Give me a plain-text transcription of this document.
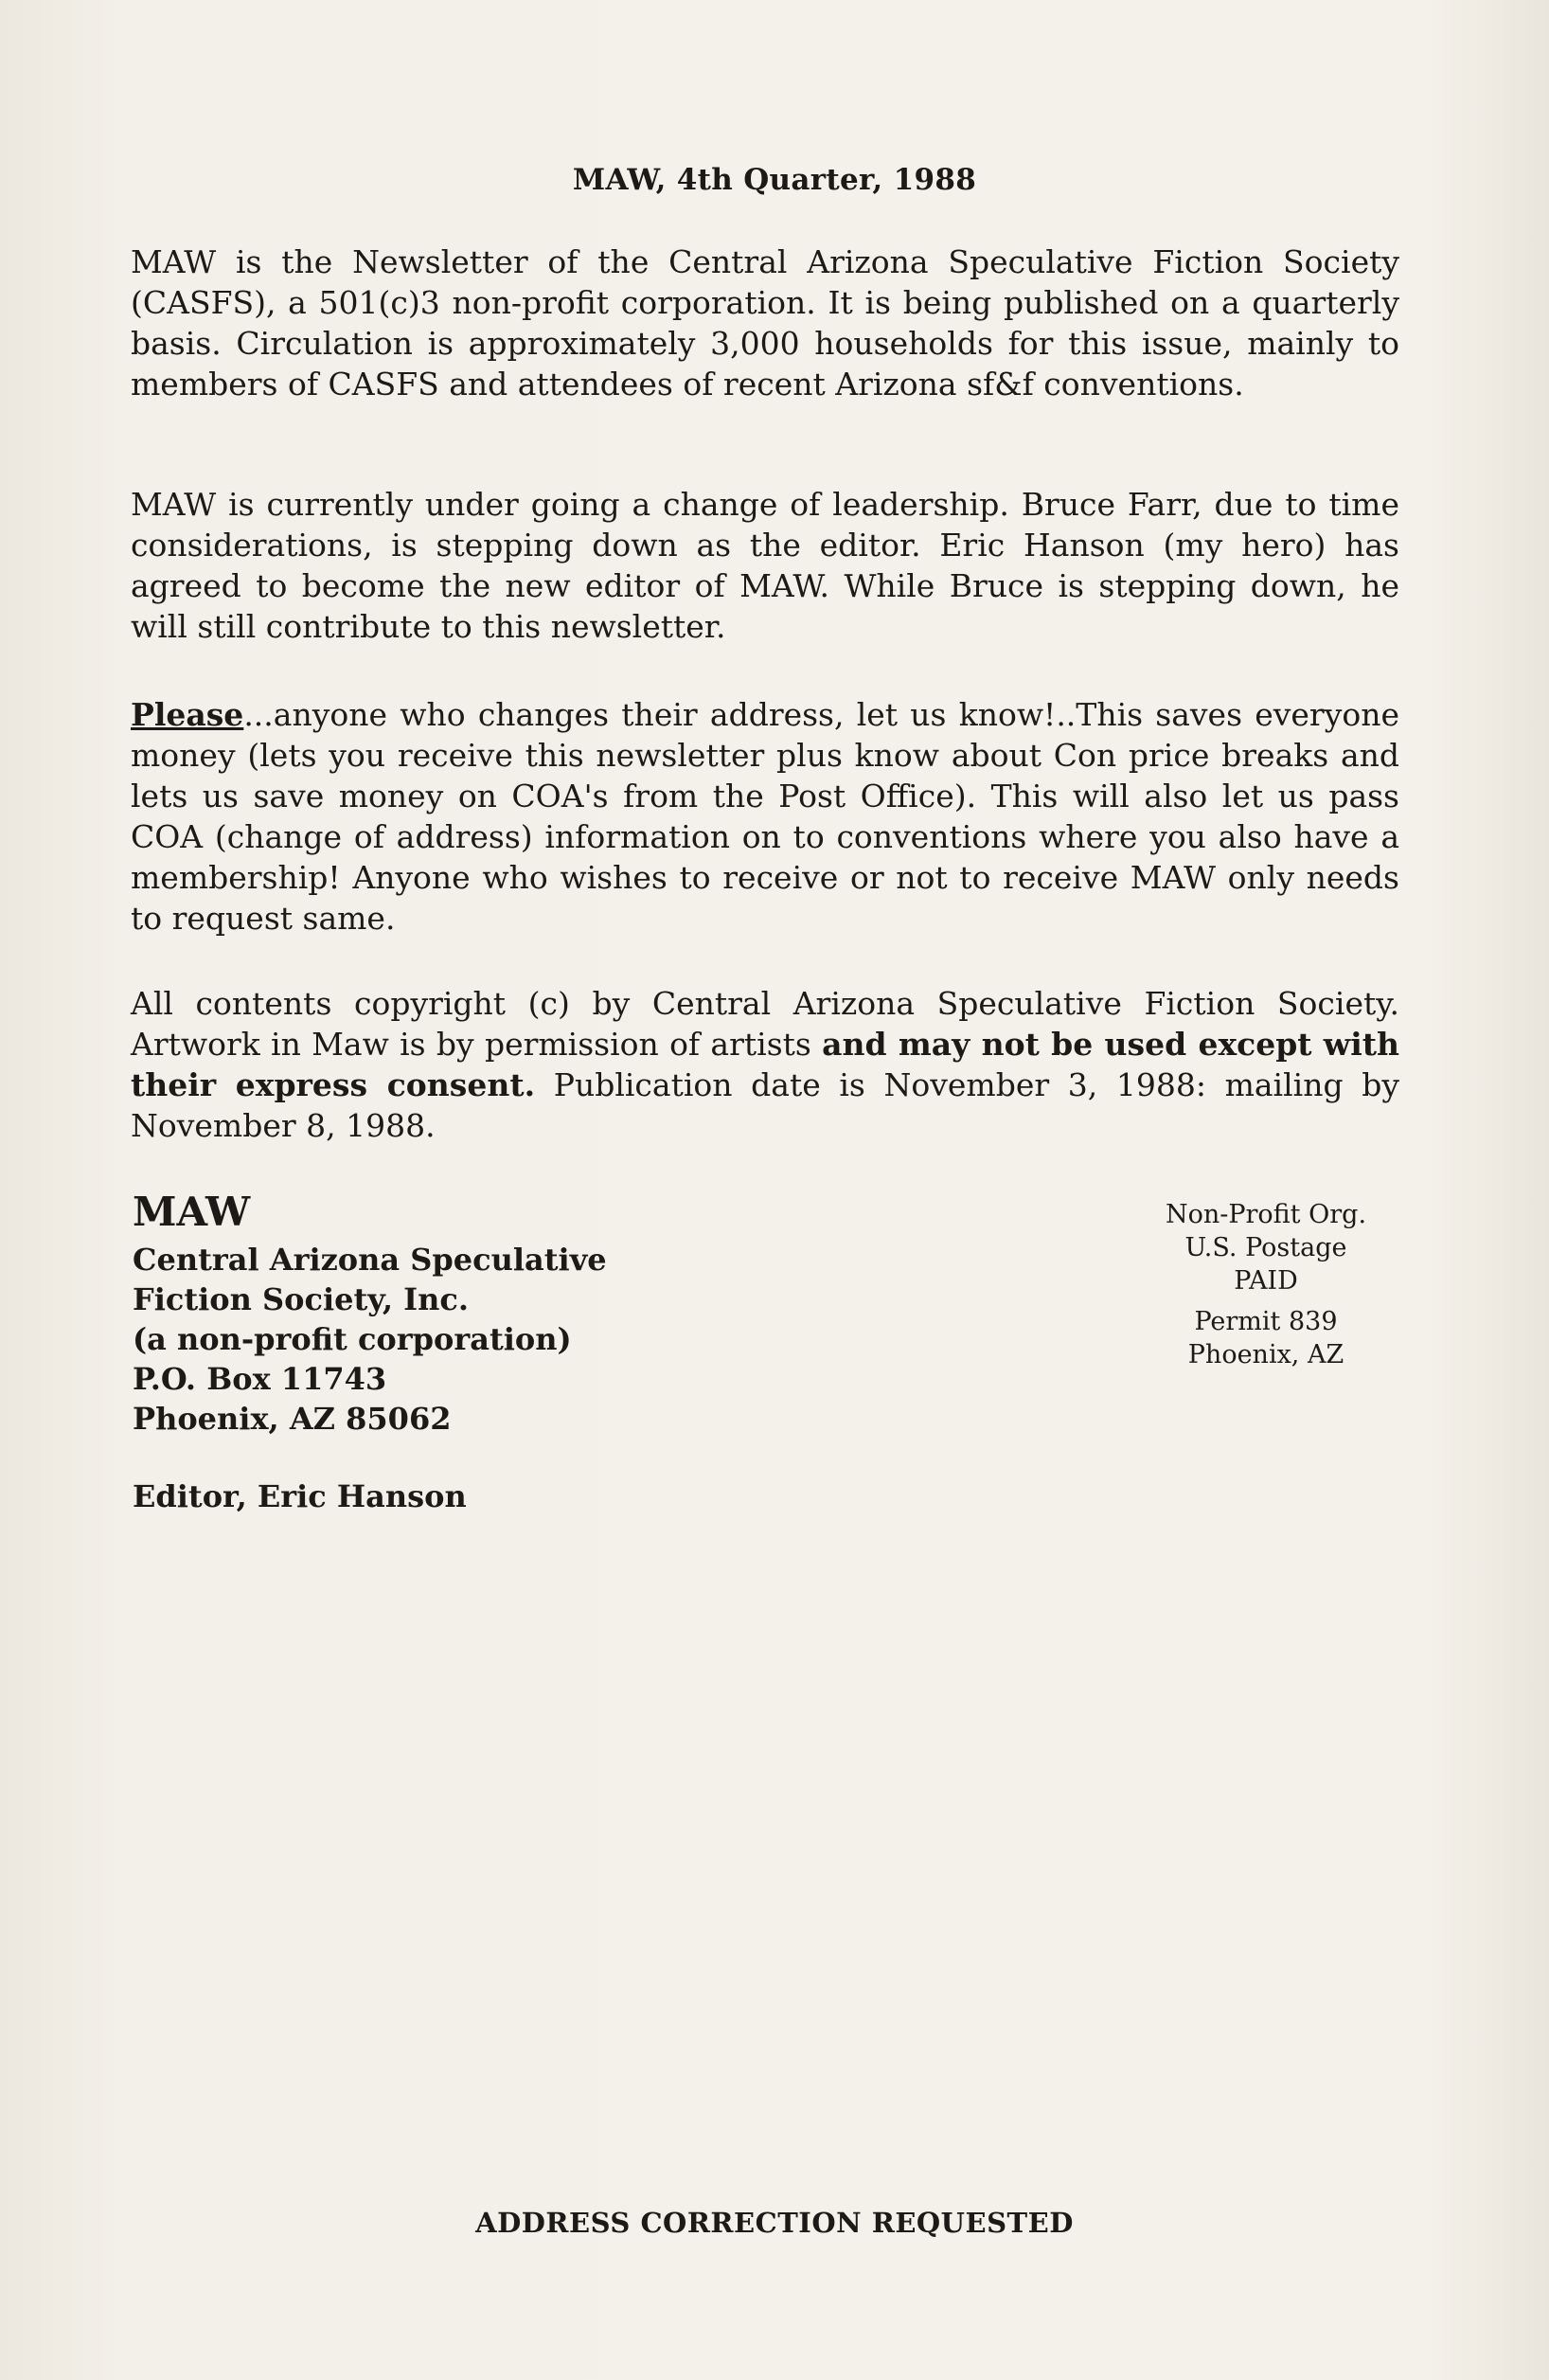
MAW, 4th Quarter, 1988

MAW is the Newsletter of the Central Arizona Speculative Fiction Society (CASFS), a 501(c)3 non-profit corporation. It is being published on a quarterly basis. Circulation is approximately 3,000 households for this issue, mainly to members of CASFS and attendees of recent Arizona sf&f conventions.

MAW is currently under going a change of leadership. Bruce Farr, due to time considerations, is stepping down as the editor. Eric Hanson (my hero) has agreed to become the new editor of MAW. While Bruce is stepping down, he will still contribute to this newsletter.

Please...anyone who changes their address, let us know!..This saves everyone money (lets you receive this newsletter plus know about Con price breaks and lets us save money on COA's from the Post Office). This will also let us pass COA (change of address) information on to conventions where you also have a membership! Anyone who wishes to receive or not to receive MAW only needs to request same.

All contents copyright (c) by Central Arizona Speculative Fiction Society. Artwork in Maw is by permission of artists and may not be used except with their express consent. Publication date is November 3, 1988: mailing by November 8, 1988.

MAW
Central Arizona Speculative
Fiction Society, Inc.
(a non-profit corporation)
P.O. Box 11743
Phoenix, AZ 85062
Editor, Eric Hanson
Non-Profit Org.
U.S. Postage
PAID
Permit 839
Phoenix, AZ
ADDRESS CORRECTION REQUESTED
